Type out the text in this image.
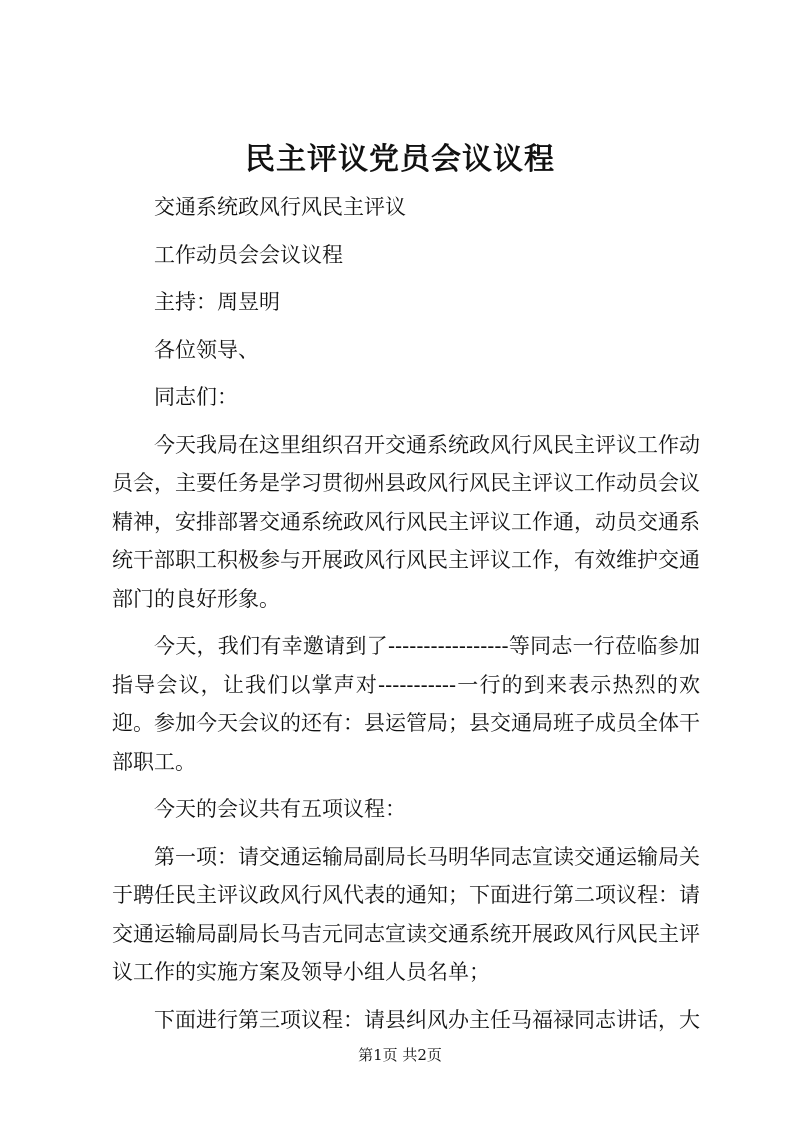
民主评议党员会议议程

交通系统政风行风民主评议

工作动员会会议议程

主持：周昱明

各位领导、

同志们：

今天我局在这里组织召开交通系统政风行风民主评议工作动员会，主要任务是学习贯彻州县政风行风民主评议工作动员会议精神，安排部署交通系统政风行风民主评议工作通，动员交通系统干部职工积极参与开展政风行风民主评议工作，有效维护交通部门的良好形象。

今天，我们有幸邀请到了-----------------等同志一行莅临参加指导会议，让我们以掌声对-----------一行的到来表示热烈的欢迎。参加今天会议的还有：县运管局；县交通局班子成员全体干部职工。

今天的会议共有五项议程：

第一项：请交通运输局副局长马明华同志宣读交通运输局关于聘任民主评议政风行风代表的通知；下面进行第二项议程：请交通运输局副局长马吉元同志宣读交通系统开展政风行风民主评议工作的实施方案及领导小组人员名单；

下面进行第三项议程：请县纠风办主任马福禄同志讲话，大

第1页 共2页
